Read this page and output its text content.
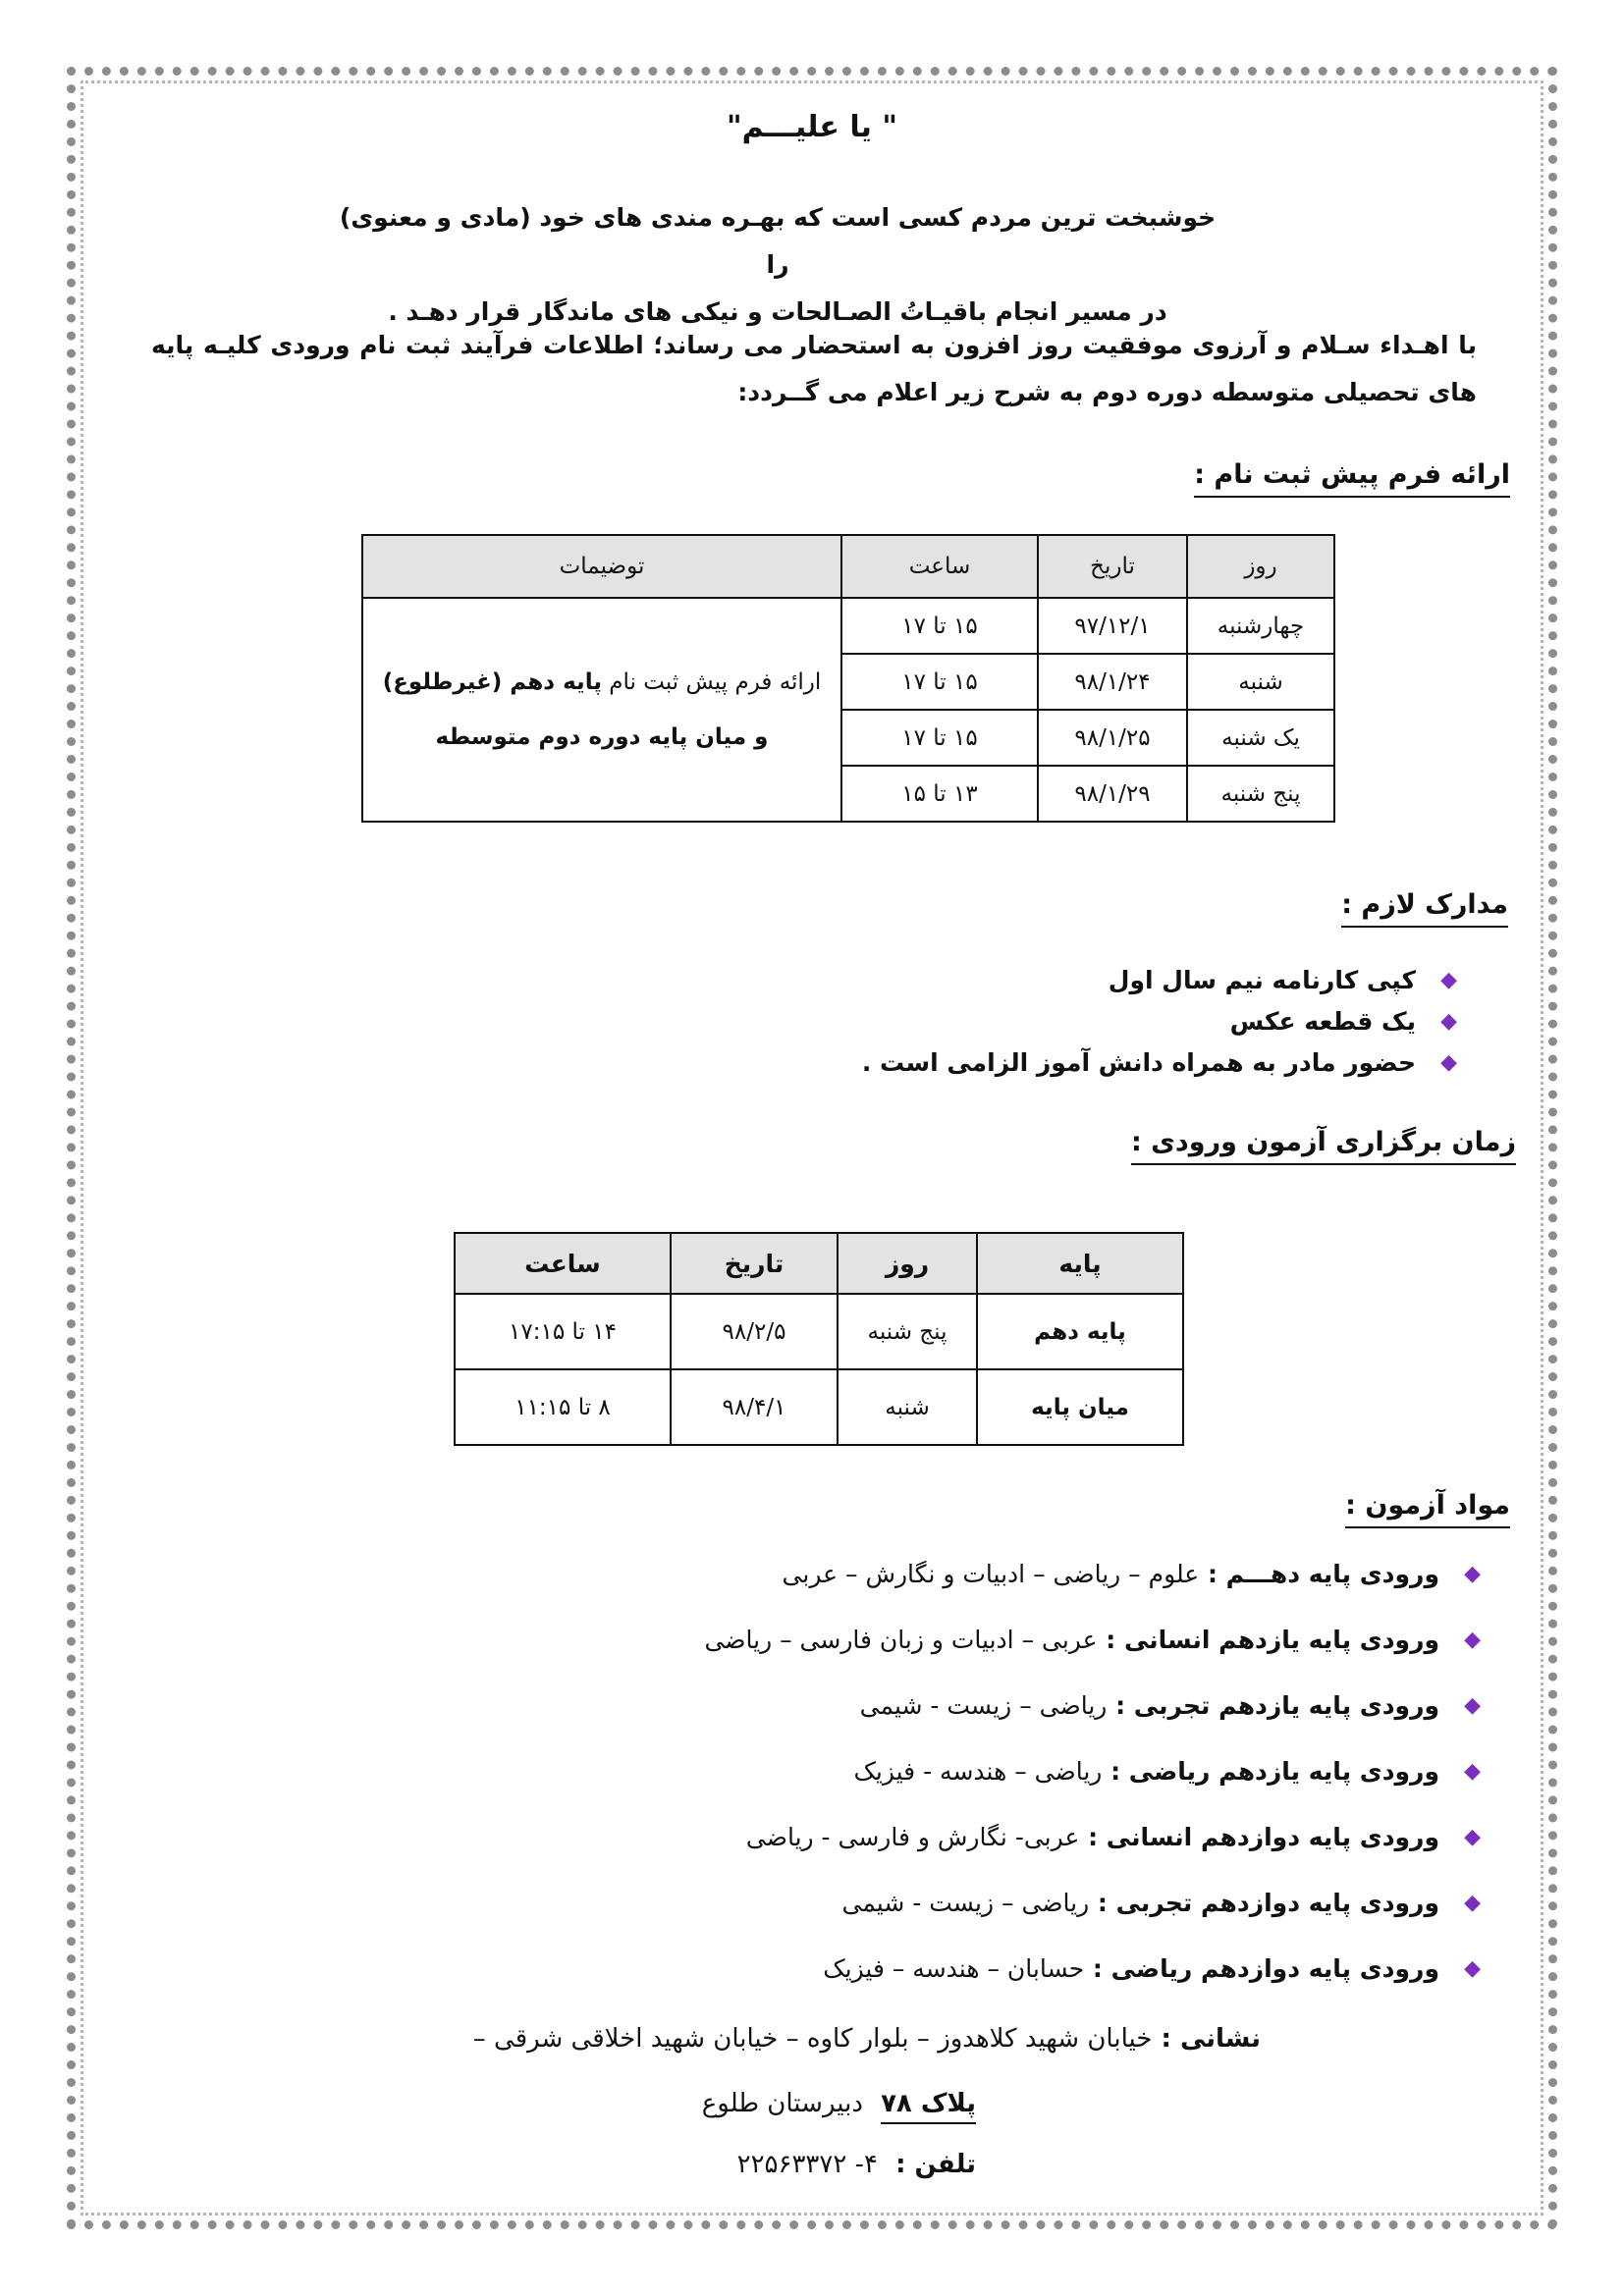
" یا علیـــم"
خوشبخت ترین مردم کسی است که بهـره مندی های خود (مادی و معنوی) را
در مسیر انجام باقیـاتُ الصـالحات و نیکی های ماندگار قرار دهـد .
با اهـداء سـلام و آرزوی موفقیت روز افزون به استحضار می رساند؛ اطلاعات فرآیند ثبت نام ورودی کلیـه پایه های تحصیلی متوسطه دوره دوم به شرح زیر اعلام می گــردد:
ارائه فرم پیش ثبت نام :
روز	تاریخ	ساعت	توضیمات
چهارشنبه	۹۷/۱۲/۱	۱۵ تا ۱۷	ارائه فرم پیش ثبت نام پایه دهم (غیرطلوع)
و میان پایه دوره دوم متوسطه

شنبه	۹۸/۱/۲۴	۱۵ تا ۱۷	
یک شنبه	۹۸/۱/۲۵	۱۵ تا ۱۷	
پنج شنبه	۹۸/۱/۲۹	۱۳ تا ۱۵	
مدارک لازم :
◆
کپی کارنامه نیم سال اول
◆
یک قطعه عکس
◆
حضور مادر به همراه دانش آموز الزامی است .
زمان برگزاری آزمون ورودی :
پایه	روز	تاریخ	ساعت
پایه دهم	پنج شنبه	۹۸/۲/۵	۱۴ تا ۱۷:۱۵
میان پایه	شنبه	۹۸/۴/۱	۸ تا ۱۱:۱۵
مواد آزمون :
◆
ورودی پایه دهـــم : علوم – ریاضی – ادبیات و نگارش – عربی
◆
ورودی پایه یازدهم انسانی : عربی – ادبیات و زبان فارسی – ریاضی
◆
ورودی پایه یازدهم تجربی : ریاضی – زیست - شیمی
◆
ورودی پایه یازدهم ریاضی : ریاضی – هندسه - فیزیک
◆
ورودی پایه دوازدهم انسانی : عربی- نگارش و فارسی - ریاضی
◆
ورودی پایه دوازدهم تجربی : ریاضی – زیست - شیمی
◆
ورودی پایه دوازدهم ریاضی : حسابان – هندسه – فیزیک
نشانی : خیابان شهید کلاهدوز – بلوار کاوه – خیابان شهید اخلاقی شرقی –
پلاک ۷۸  دبیرستان طلوع
تلفن :  ۴- ۲۲۵۶۳۳۷۲
